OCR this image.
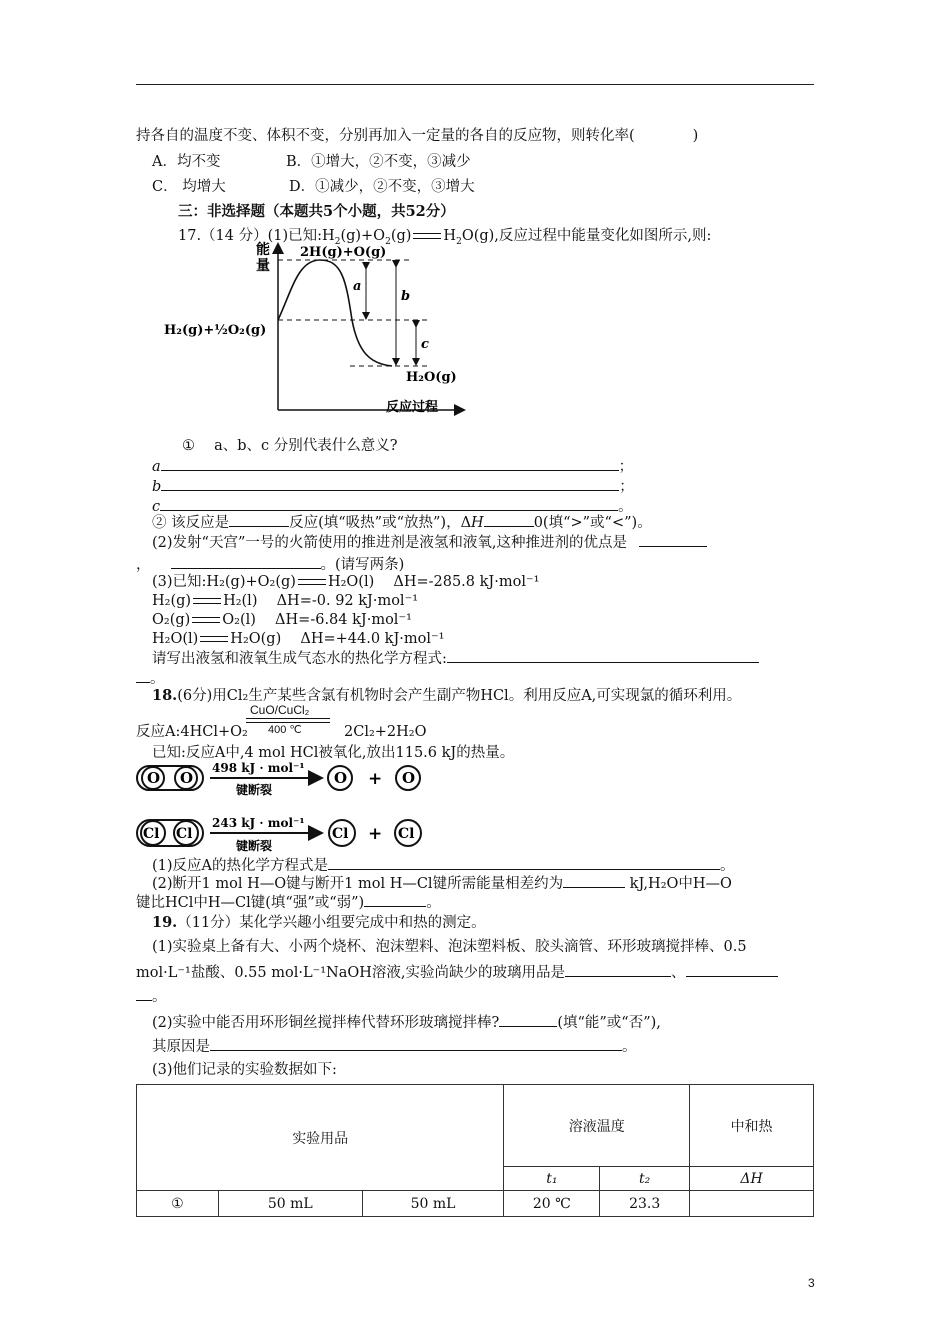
持各自的温度不变、体积不变，分别再加入一定量的各自的反应物，则转化率(　　　　)
A．均不变	B．①增大，②不变，③减少
C． 均增大	D．①减少，②不变，③增大
三：非选择题（本题共5个小题，共52分）
17.（14 分）(1)已知$:H_2(g)+O_2(g)$ $H_2O(g)$,反应过程中能量变化如图所示,则:
能
量
a
b
c
2H(g)+O(g)
H₂(g)+½O₂(g)
H₂O(g)
反应过程
①　 a、b、c 分别代表什么意义?
a	；
b	；
c	。
② 该反应是	反应(填“吸热”或“放热”)，ΔH	0(填“>”或“<”)。
(2)发射“天宫”一号的火箭使用的推进剂是液氢和液氧,这种推进剂的优点是
，	。(请写两条)
(3)已知:H₂(g)+O₂(g) H₂O(l)　 ΔH=-285.8 kJ·mol⁻¹
H₂(g) H₂(l)　 ΔH=-0. 92 kJ·mol⁻¹
O₂(g) O₂(l)　 ΔH=-6.84 kJ·mol⁻¹
H₂O(l) H₂O(g)　 ΔH=+44.0 kJ·mol⁻¹
请写出液氢和液氧生成气态水的热化学方程式:
。
18.(6分)用Cl₂生产某些含氯有机物时会产生副产物HCl。利用反应A,可实现氯的循环利用。
CuO/CuCl₂
反应A:4HCl+O₂ 400 ℃	2Cl₂+2H₂O
已知:反应A中,4 mol HCl被氧化,放出115.6 kJ的热量。
O O
498 kJ · mol⁻¹
键断裂
O + O
Cl Cl
243 kJ · mol⁻¹
键断裂
Cl + Cl
(1)反应A的热化学方程式是	。
(2)断开1 mol H—O键与断开1 mol H—Cl键所需能量相差约为	kJ,H₂O中H—O
键比HCl中H—Cl键(填“强”或“弱”)	。
19.（11分）某化学兴趣小组要完成中和热的测定。
(1)实验桌上备有大、小两个烧杯、泡沫塑料、泡沫塑料板、胶头滴管、环形玻璃搅拌棒、0.5
mol·L⁻¹盐酸、0.55 mol·L⁻¹NaOH溶液,实验尚缺少的玻璃用品是	、
。
(2)实验中能否用环形铜丝搅拌棒代替环形玻璃搅拌棒?	(填“能”或“否”),
其原因是	。
(3)他们记录的实验数据如下:
实验用品			溶液温度		中和热
			t₁	t₂	ΔH
①	50 mL	50 mL	20 ℃	23.3	
3
